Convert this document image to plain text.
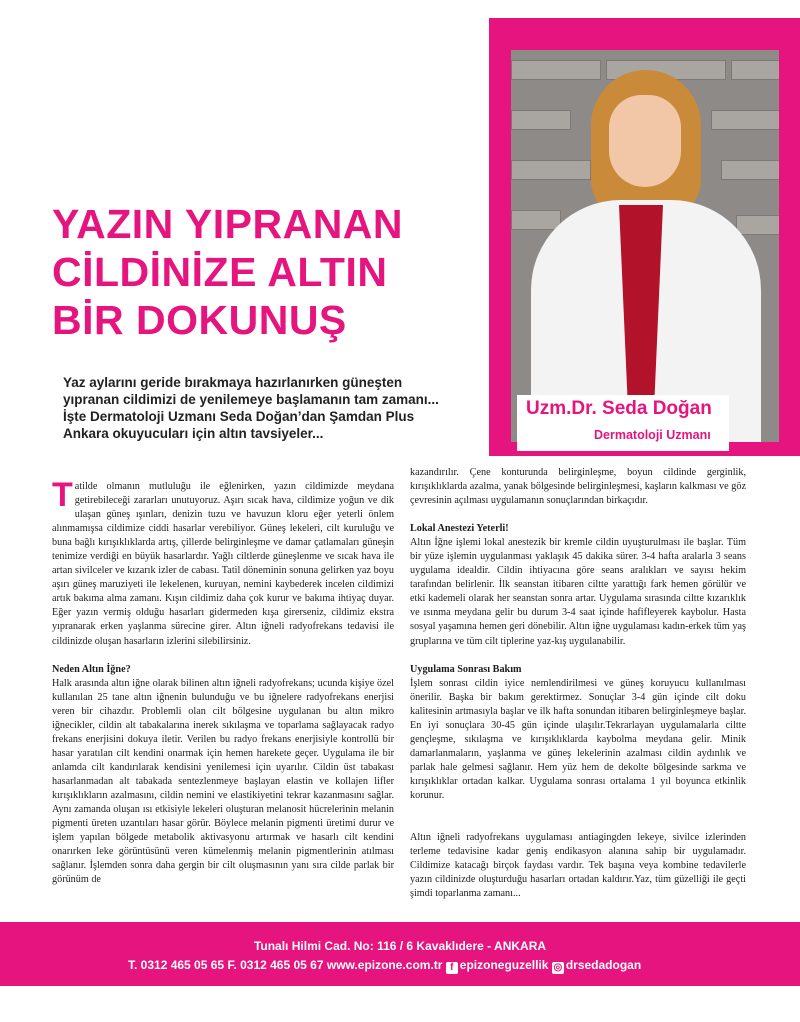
Uzm.Dr. Seda Doğan
Dermatoloji Uzmanı
YAZIN YIPRANAN
CİLDİNİZE ALTIN
BİR DOKUNUŞ
Yaz aylarını geride bırakmaya hazırlanırken güneşten
yıpranan cildimizi de yenilemeye başlamanın tam zamanı...
İşte Dermatoloji Uzmanı Seda Doğan’dan Şamdan Plus
Ankara okuyucuları için altın tavsiyeler...

Tatilde olmanın mutluluğu ile eğlenirken, yazın cildimizde meydana getirebileceği zararları unutuyoruz. Aşırı sıcak hava, cildimize yoğun ve dik ulaşan güneş ışınları, denizin tuzu ve havuzun kloru eğer yeterli önlem alınmamışsa cildimize ciddi hasarlar verebiliyor. Güneş lekeleri, cilt kuruluğu ve buna bağlı kırışıklıklarda artış, çillerde belirginleşme ve damar çatlamaları güneşin tenimize verdiği en büyük hasarlardır. Yağlı ciltlerde güneşlenme ve sıcak hava ile artan sivilceler ve kızarık izler de cabası. Tatil döneminin sonuna gelirken yaz boyu aşırı güneş maruziyeti ile lekelenen, kuruyan, nemini kaybederek incelen cildimizi artık bakıma alma zamanı. Kışın cildimiz daha çok kurur ve bakıma ihtiyaç duyar. Eğer yazın vermiş olduğu hasarları gidermeden kışa girerseniz, cildimiz ekstra yıpranarak erken yaşlanma sürecine girer. Altın iğneli radyofrekans tedavisi ile cildinizde oluşan hasarların izlerini silebilirsiniz.

Neden Altın İğne?

Halk arasında altın iğne olarak bilinen altın iğneli radyofrekans; ucunda kişiye özel kullanılan 25 tane altın iğnenin bulunduğu ve bu iğnelere radyofrekans enerjisi veren bir cihazdır. Problemli olan cilt bölgesine uygulanan bu altın mikro iğnecikler, cildin alt tabakalarına inerek sıkılaşma ve toparlama sağlayacak radyo frekans enerjisini dokuya iletir. Verilen bu radyo frekans enerjisiyle kontrollü bir hasar yaratılan cilt kendini onarmak için hemen harekete geçer. Uygulama ile bir anlamda cilt kandırılarak kendisini yenilemesi için uyarılır. Cildin üst tabakası hasarlanmadan alt tabakada sentezlenmeye başlayan elastin ve kollajen lifler kırışıklıkların azalmasını, cildin nemini ve elastikiyetini tekrar kazanmasını sağlar. Aynı zamanda oluşan ısı etkisiyle lekeleri oluşturan melanosit hücrelerinin melanin pigmenti üreten uzantıları hasar görür. Böylece melanin pigmenti üretimi durur ve işlem yapılan bölgede metabolik aktivasyonu artırmak ve hasarlı cilt kendini onarırken leke görüntüsünü veren kümelenmiş melanin pigmentlerinin atılması sağlanır. İşlemden sonra daha gergin bir cilt oluşmasının yanı sıra cilde parlak bir görünüm de

kazandırılır. Çene konturunda belirginleşme, boyun cildinde gerginlik, kırışıklıklarda azalma, yanak bölgesinde belirginleşmesi, kaşların kalkması ve göz çevresinin açılması uygulamanın sonuçlarından birkaçıdır.

Lokal Anestezi Yeterli!

Altın İğne işlemi lokal anestezik bir kremle cildin uyuşturulması ile başlar. Tüm bir yüze işlemin uygulanması yaklaşık 45 dakika sürer. 3-4 hafta aralarla 3 seans uygulama idealdir. Cildin ihtiyacına göre seans aralıkları ve sayısı hekim tarafından belirlenir. İlk seanstan itibaren ciltte yarattığı fark hemen görülür ve etki kademeli olarak her seanstan sonra artar. Uygulama sırasında ciltte kızarıklık ve ısınma meydana gelir bu durum 3-4 saat içinde hafifleyerek kaybolur. Hasta sosyal yaşamına hemen geri dönebilir. Altın iğne uygulaması kadın-erkek tüm yaş gruplarına ve tüm cilt tiplerine yaz-kış uygulanabilir.

Uygulama Sonrası Bakım

İşlem sonrası cildin iyice nemlendirilmesi ve güneş koruyucu kullanılması önerilir. Başka bir bakım gerektirmez. Sonuçlar 3-4 gün içinde cilt doku kalitesinin artmasıyla başlar ve ilk hafta sonundan itibaren belirginleşmeye başlar. En iyi sonuçlara 30-45 gün içinde ulaşılır.Tekrarlayan uygulamalarla ciltte gençleşme, sıkılaşma ve kırışıklıklarda kaybolma meydana gelir. Minik damarlanmaların, yaşlanma ve güneş lekelerinin azalması cildin aydınlık ve parlak hale gelmesi sağlanır. Hem yüz hem de dekolte bölgesinde sarkma ve kırışıklıklar ortadan kalkar. Uygulama sonrası ortalama 1 yıl boyunca etkinlik korunur.

Altın iğneli radyofrekans uygulaması antiagingden lekeye, sivilce izlerinden terleme tedavisine kadar geniş endikasyon alanına sahip bir uygulamadır. Cildimize katacağı birçok faydası vardır. Tek başına veya kombine tedavilerle yazın cildinizde oluşturduğu hasarları ortadan kaldırır.Yaz, tüm güzelliği ile geçti şimdi toparlanma zamanı...

Tunalı Hilmi Cad. No: 116 / 6 Kavaklıdere - ANKARA
T. 0312 465 05 65 F. 0312 465 05 67 www.epizone.com.tr f epizoneguzellik ◎ drsedadogan
